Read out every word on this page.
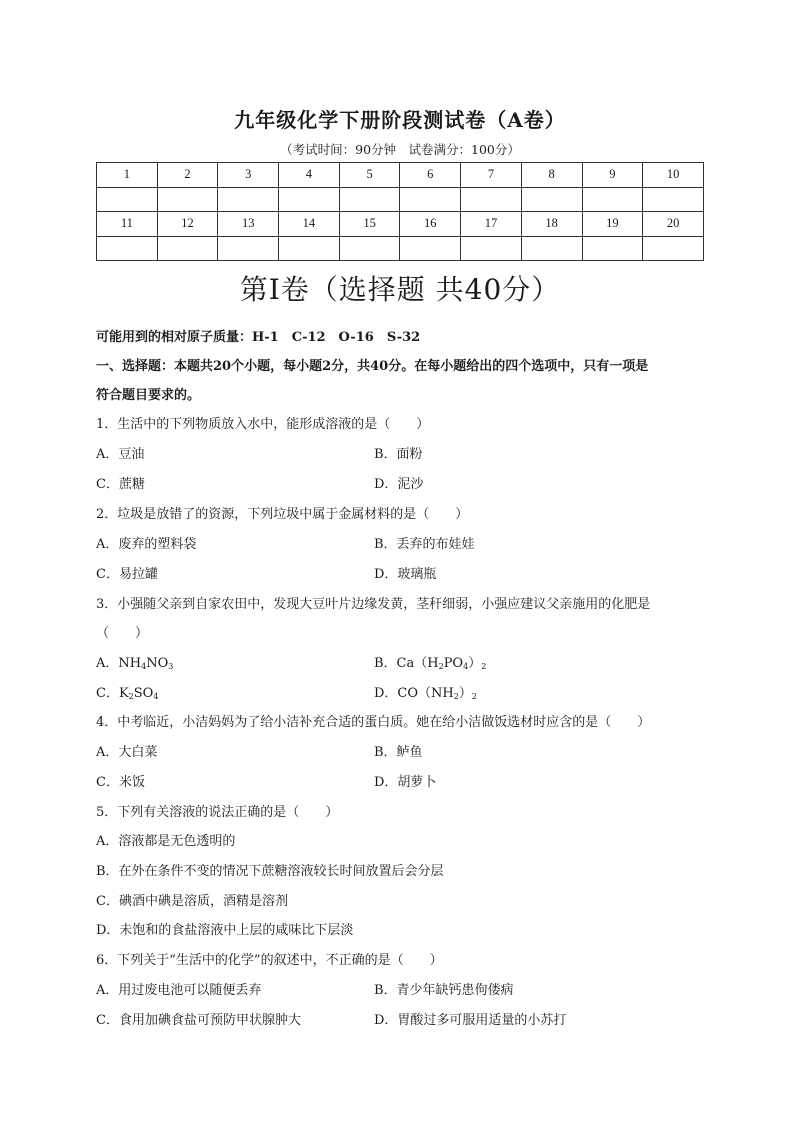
九年级化学下册阶段测试卷（A卷）
（考试时间：90分钟　试卷满分：100分）
1	2	3	4	5	6	7	8	9	10

11	12	13	14	15	16	17	18	19	20

第Ⅰ卷（选择题 共40分）
可能用到的相对原子质量：H-1　C-12　O-16　S-32
一、选择题：本题共20个小题，每小题2分，共40分。在每小题给出的四个选项中，只有一项是
符合题目要求的。
1．生活中的下列物质放入水中，能形成溶液的是（　　）
A．豆油	B．面粉
C．蔗糖	D．泥沙
2．垃圾是放错了的资源，下列垃圾中属于金属材料的是（　　）
A．废弃的塑料袋	B．丢弃的布娃娃
C．易拉罐	D．玻璃瓶
3．小强随父亲到自家农田中，发现大豆叶片边缘发黄，茎秆细弱，小强应建议父亲施用的化肥是
（　　）
A．$NH_4NO_3$	B．$Ca(H_2PO_4)_2$
C．$K_2SO_4$	D．$CO(NH_2)_2$
4．中考临近，小洁妈妈为了给小洁补充合适的蛋白质。她在给小洁做饭选材时应含的是（　　）
A．大白菜	B．鲈鱼
C．米饭	D．胡萝卜
5．下列有关溶液的说法正确的是（　　）
A．溶液都是无色透明的
B．在外在条件不变的情况下蔗糖溶液较长时间放置后会分层
C．碘酒中碘是溶质，酒精是溶剂
D．未饱和的食盐溶液中上层的咸味比下层淡
6．下列关于“生活中的化学”的叙述中，不正确的是（　　）
A．用过废电池可以随便丢弃	B．青少年缺钙患佝偻病
C．食用加碘食盐可预防甲状腺肿大	D．胃酸过多可服用适量的小苏打
